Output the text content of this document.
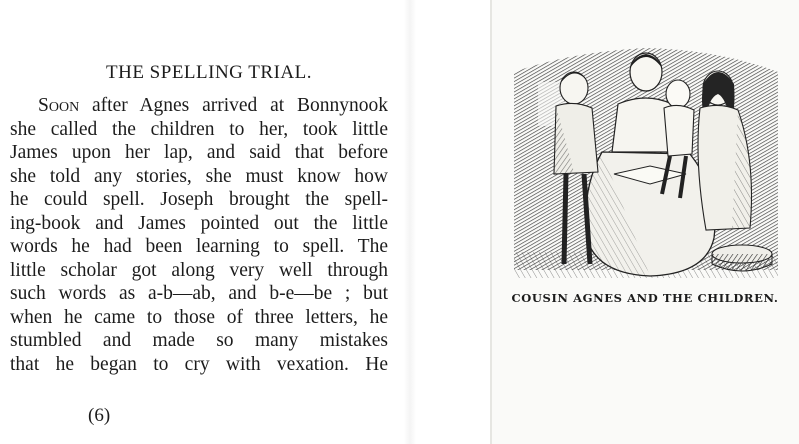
THE SPELLING TRIAL.
Soon after Agnes arrived at Bonnynook
she called the children to her, took little
James upon her lap, and said that before
she told any stories, she must know how
he could spell. Joseph brought the spell-
ing-book and James pointed out the little
words he had been learning to spell. The
little scholar got along very well through
such words as a-b—ab, and b-e—be ; but
when he came to those of three letters, he
stumbled and made so many mistakes
that he began to cry with vexation. He
(6)
COUSIN AGNES AND THE CHILDREN.
